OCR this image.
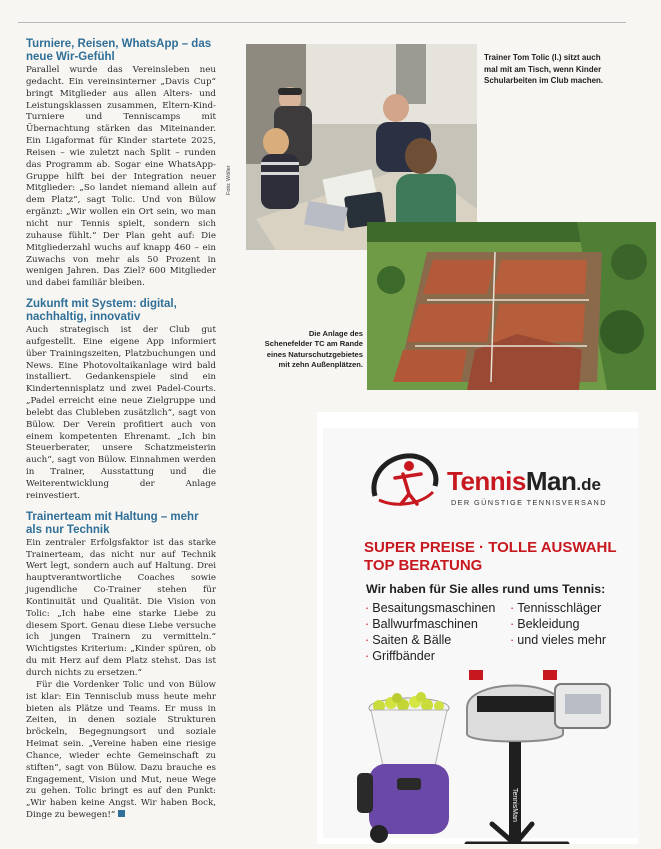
Turniere, Reisen, WhatsApp – das neue Wir-Gefühl

Parallel wurde das Vereinsleben neu gedacht. Ein vereinsinterner „Davis Cup“ bringt Mitglieder aus allen Alters- und Leistungsklassen zusammen, Eltern-Kind-Turniere und Tenniscamps mit Übernachtung stärken das Miteinander. Ein Ligaformat für Kinder startete 2025, Reisen – wie zuletzt nach Split – runden das Programm ab. Sogar eine WhatsApp-Gruppe hilft bei der Integration neuer Mitglieder: „So landet niemand allein auf dem Platz“, sagt Tolic. Und von Bülow ergänzt: „Wir wollen ein Ort sein, wo man nicht nur Tennis spielt, sondern sich zuhause fühlt.“ Der Plan geht auf: Die Mitgliederzahl wuchs auf knapp 460 – ein Zuwachs von mehr als 50 Prozent in wenigen Jahren. Das Ziel? 600 Mitglieder und dabei familiär bleiben.

Zukunft mit System: digital, nachhaltig, innovativ

Auch strategisch ist der Club gut aufgestellt. Eine eigene App informiert über Trainingszeiten, Platzbuchungen und News. Eine Photovoltaikanlage wird bald installiert. Gedankenspiele sind ein Kindertennisplatz und zwei Padel-Courts. „Padel erreicht eine neue Zielgruppe und belebt das Clubleben zusätzlich“, sagt von Bülow. Der Verein profitiert auch von einem kompetenten Ehrenamt. „Ich bin Steuerberater, unsere Schatzmeisterin auch“, sagt von Bülow. Einnahmen werden in Trainer, Ausstattung und die Weiterentwicklung der Anlage reinvestiert.

Trainerteam mit Haltung – mehr als nur Technik

Ein zentraler Erfolgsfaktor ist das starke Trainerteam, das nicht nur auf Technik Wert legt, sondern auch auf Haltung. Drei hauptverantwortliche Coaches sowie jugendliche Co-Trainer stehen für Kontinuität und Qualität. Die Vision von Tolic: „Ich habe eine starke Liebe zu diesem Sport. Genau diese Liebe versuche ich jungen Trainern zu vermitteln.“ Wichtigstes Kriterium: „Kinder spüren, ob du mit Herz auf dem Platz stehst. Das ist durch nichts zu ersetzen.“

Für die Vordenker Tolic und von Bülow ist klar: Ein Tennisclub muss heute mehr bieten als Plätze und Teams. Er muss in Zeiten, in denen soziale Strukturen bröckeln, Begegnungsort und soziale Heimat sein. „Vereine haben eine riesige Chance, wieder echte Gemeinschaft zu stiften“, sagt von Bülow. Dazu brauche es Engagement, Vision und Mut, neue Wege zu gehen. Tolic bringt es auf den Punkt: „Wir haben keine Angst. Wir haben Bock, Dinge zu bewegen!“

Foto: Wöller

Trainer Tom Tolic (l.) sitzt auch mal mit am Tisch, wenn Kinder Schularbeiten im Club machen.

Die Anlage des Schenefelder TC am Rande eines Naturschutzgebietes mit zehn Außenplätzen.

TennisMan.de
DER GÜNSTIGE TENNISVERSAND
SUPER PREISE · TOLLE AUSWAHL
TOP BERATUNG
Wir haben für Sie alles rund ums Tennis:
· Besaitungsmaschinen · Tennisschläger
· Ballwurfmaschinen	· Bekleidung
· Saiten & Bälle	· und vieles mehr
· Griffbänder
TennisMan
